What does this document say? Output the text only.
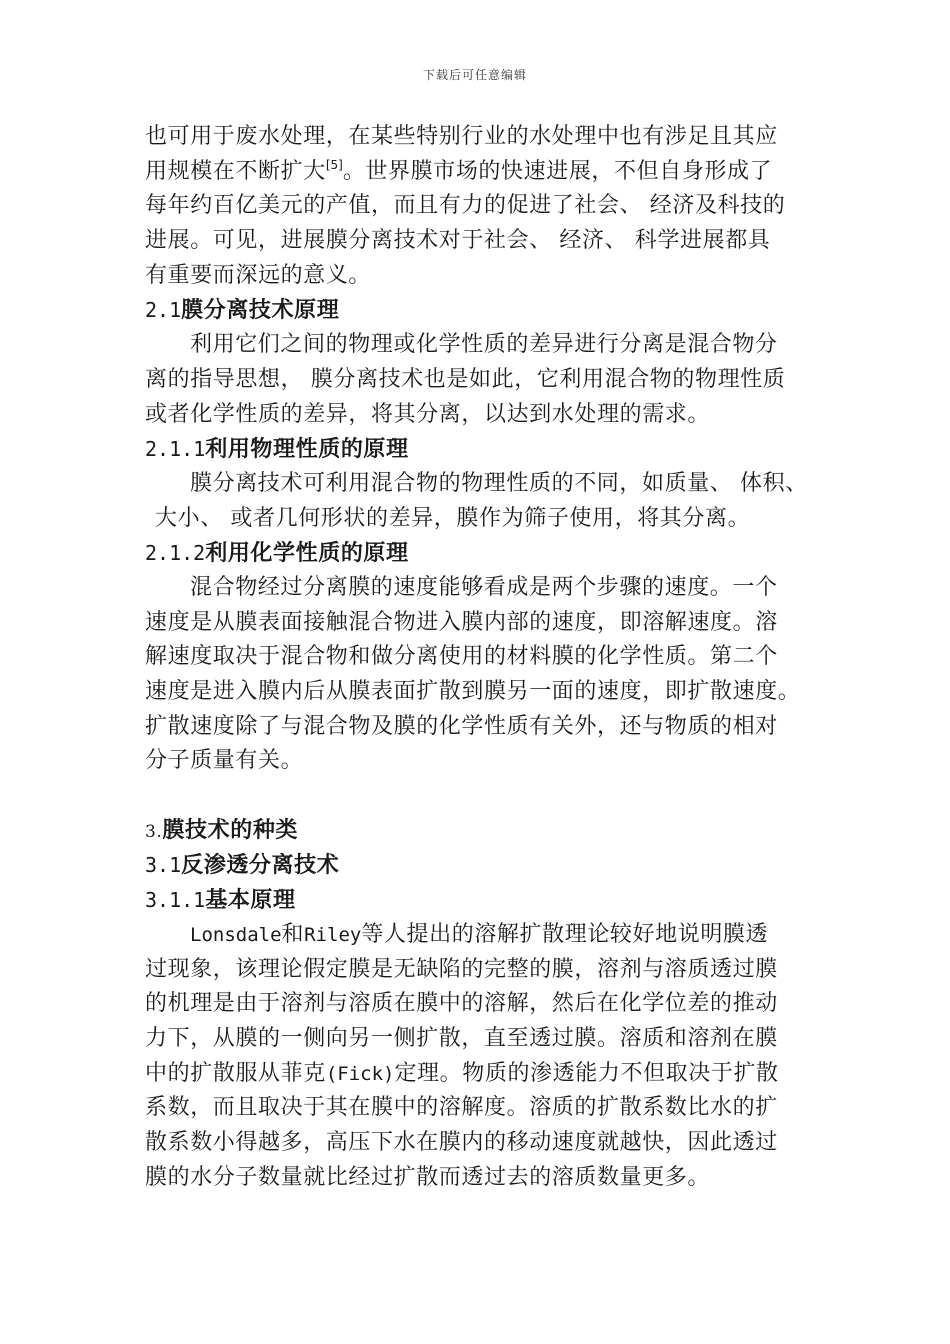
下载后可任意编辑
也可用于废水处理，在某些特别行业的水处理中也有涉足且其应
用规模在不断扩大[5]。世界膜市场的快速进展，不但自身形成了
每年约百亿美元的产值，而且有力的促进了社会、 经济及科技的
进展。可见，进展膜分离技术对于社会、 经济、 科学进展都具
有重要而深远的意义。
2.1膜分离技术原理
利用它们之间的物理或化学性质的差异进行分离是混合物分
离的指导思想， 膜分离技术也是如此，它利用混合物的物理性质
或者化学性质的差异，将其分离，以达到水处理的需求。
2.1.1利用物理性质的原理
膜分离技术可利用混合物的物理性质的不同，如质量、 体积、
大小、 或者几何形状的差异，膜作为筛子使用，将其分离。
2.1.2利用化学性质的原理
混合物经过分离膜的速度能够看成是两个步骤的速度。一个
速度是从膜表面接触混合物进入膜内部的速度，即溶解速度。溶
解速度取决于混合物和做分离使用的材料膜的化学性质。第二个
速度是进入膜内后从膜表面扩散到膜另一面的速度，即扩散速度。
扩散速度除了与混合物及膜的化学性质有关外，还与物质的相对
分子质量有关。
3.膜技术的种类
3.1反渗透分离技术
3.1.1基本原理
Lonsdale和Riley等人提出的溶解扩散理论较好地说明膜透
过现象，该理论假定膜是无缺陷的完整的膜，溶剂与溶质透过膜
的机理是由于溶剂与溶质在膜中的溶解，然后在化学位差的推动
力下，从膜的一侧向另一侧扩散，直至透过膜。溶质和溶剂在膜
中的扩散服从菲克(Fick)定理。物质的渗透能力不但取决于扩散
系数，而且取决于其在膜中的溶解度。溶质的扩散系数比水的扩
散系数小得越多，高压下水在膜内的移动速度就越快，因此透过
膜的水分子数量就比经过扩散而透过去的溶质数量更多。
